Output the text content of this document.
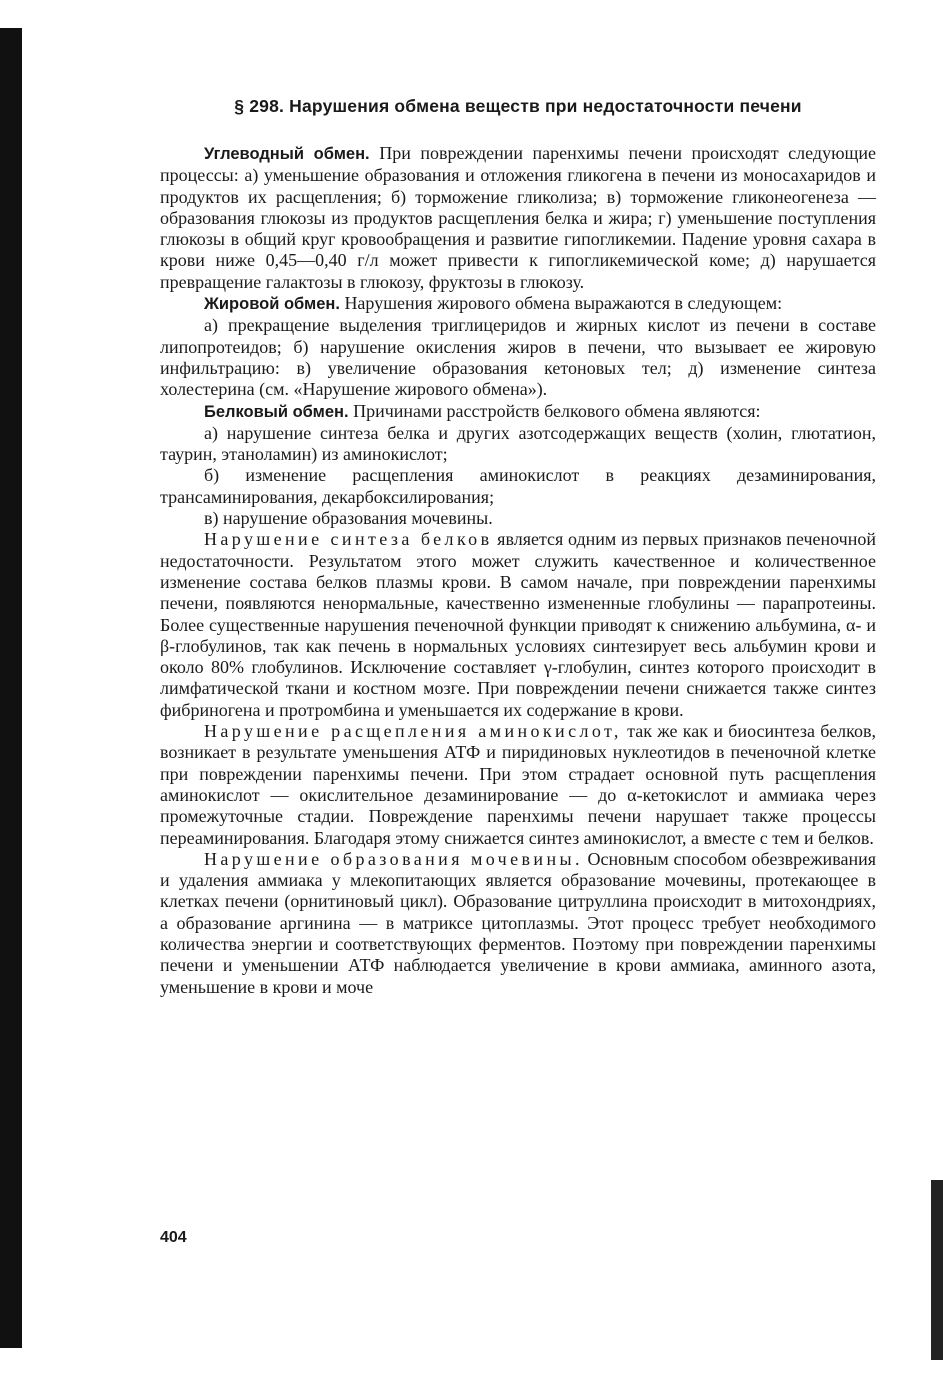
§ 298. Нарушения обмена веществ при недостаточности печени

Углеводный обмен. При повреждении паренхимы печени происходят следующие процессы: а) уменьшение образования и отложения гликогена в печени из моносахаридов и продуктов их расщепления; б) торможение гликолиза; в) торможение гликонеогенеза — образования глюкозы из продуктов расщепления белка и жира; г) уменьшение поступления глюкозы в общий круг кровообращения и развитие гипогликемии. Падение уровня сахара в крови ниже 0,45—0,40 г/л может привести к гипогликемической коме; д) нарушается превращение галактозы в глюкозу, фруктозы в глюкозу.

Жировой обмен. Нарушения жирового обмена выражаются в следующем:

а) прекращение выделения триглицеридов и жирных кислот из печени в составе липопротеидов; б) нарушение окисления жиров в печени, что вызывает ее жировую инфильтрацию: в) увеличение образования кетоновых тел; д) изменение синтеза холестерина (см. «Нарушение жирового обмена»).

Белковый обмен. Причинами расстройств белкового обмена являются:

а) нарушение синтеза белка и других азотсодержащих веществ (холин, глютатион, таурин, этаноламин) из аминокислот;

б) изменение расщепления аминокислот в реакциях дезаминирования, трансаминирования, декарбоксилирования;

в) нарушение образования мочевины.

Нарушение синтеза белков является одним из первых признаков печеночной недостаточности. Результатом этого может служить качественное и количественное изменение состава белков плазмы крови. В самом начале, при повреждении паренхимы печени, появляются ненормальные, качественно измененные глобулины — парапротеины. Более существенные нарушения печеночной функции приводят к снижению альбумина, α- и β-глобулинов, так как печень в нормальных условиях синтезирует весь альбумин крови и около 80% глобулинов. Исключение составляет γ-глобулин, синтез которого происходит в лимфатической ткани и костном мозге. При повреждении печени снижается также синтез фибриногена и протромбина и уменьшается их содержание в крови.

Нарушение расщепления аминокислот, так же как и биосинтеза белков, возникает в результате уменьшения АТФ и пиридиновых нуклеотидов в печеночной клетке при повреждении паренхимы печени. При этом страдает основной путь расщепления аминокислот — окислительное дезаминирование — до α-кетокислот и аммиака через промежуточные стадии. Повреждение паренхимы печени нарушает также процессы переаминирования. Благодаря этому снижается синтез аминокислот, а вместе с тем и белков.

Нарушение образования мочевины. Основным способом обезвреживания и удаления аммиака у млекопитающих является образование мочевины, протекающее в клетках печени (орнитиновый цикл). Образование цитруллина происходит в митохондриях, а образование аргинина — в матриксе цитоплазмы. Этот процесс требует необходимого количества энергии и соответствующих ферментов. Поэтому при повреждении паренхимы печени и уменьшении АТФ наблюдается увеличение в крови аммиака, аминного азота, уменьшение в крови и моче

404
